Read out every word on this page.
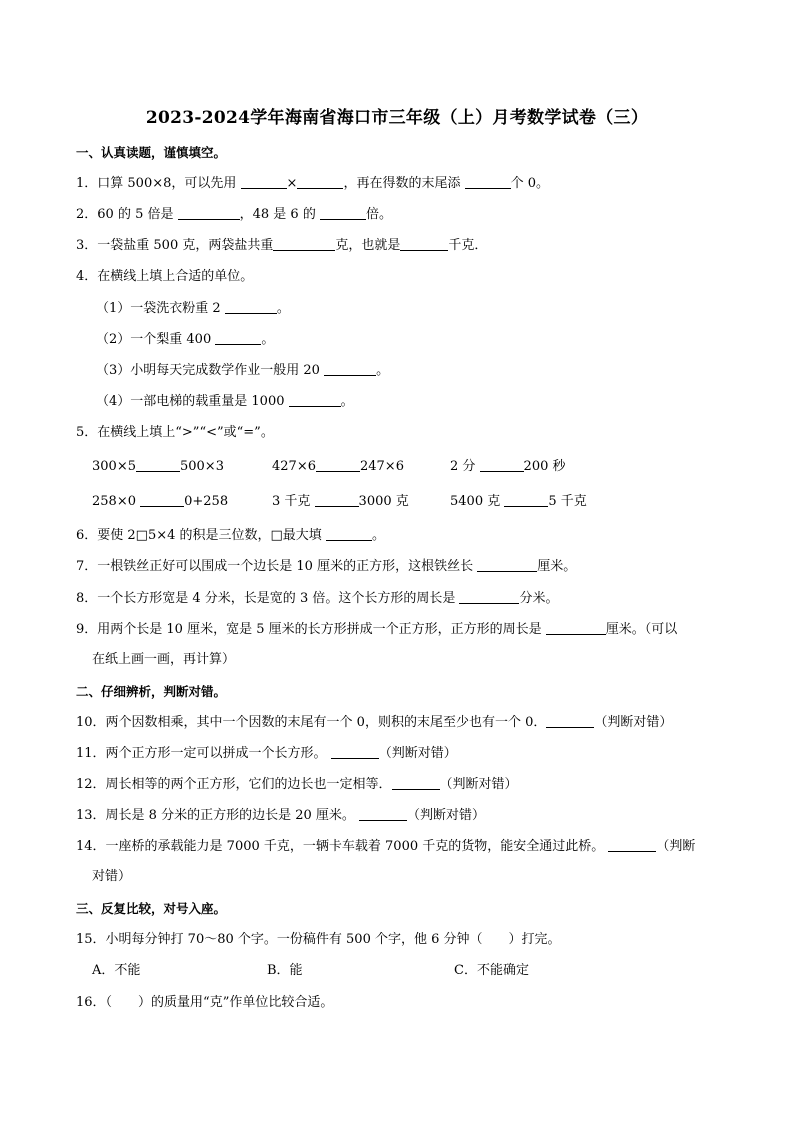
2023-2024学年海南省海口市三年级（上）月考数学试卷（三）
一、认真读题，谨慎填空。
1．口算 500×8，可以先用	×	，再在得数的末尾添	个 0。
2．60 的 5 倍是	，48 是 6 的	倍。
3．一袋盐重 500 克，两袋盐共重	克，也就是	千克．
4．在横线上填上合适的单位。
（1）一袋洗衣粉重 2	。
（2）一个梨重 400	。
（3）小明每天完成数学作业一般用 20	。
（4）一部电梯的载重量是 1000	。
5．在横线上填上“>”“<”或“=”。
300×5	500×3	427×6	247×6	2 分	200 秒
258×0	0+258	3 千克	3000 克	5400 克	5 千克
6．要使 2□5×4 的积是三位数，□最大填	。
7．一根铁丝正好可以围成一个边长是 10 厘米的正方形，这根铁丝长	厘米。
8．一个长方形宽是 4 分米，长是宽的 3 倍。这个长方形的周长是	分米。
9．用两个长是 10 厘米，宽是 5 厘米的长方形拼成一个正方形，正方形的周长是	厘米。（可以
在纸上画一画，再计算）
二、仔细辨析，判断对错。
10．两个因数相乘，其中一个因数的末尾有一个 0，则积的末尾至少也有一个 0．	（判断对错）
11．两个正方形一定可以拼成一个长方形。	（判断对错）
12．周长相等的两个正方形，它们的边长也一定相等．	（判断对错）
13．周长是 8 分米的正方形的边长是 20 厘米。	（判断对错）
14．一座桥的承载能力是 7000 千克，一辆卡车载着 7000 千克的货物，能安全通过此桥。	（判断
对错）
三、反复比较，对号入座。
15．小明每分钟打 70～80 个字。一份稿件有 500 个字，他 6 分钟（　　）打完。
A．不能	B．能	C．不能确定
16．（　　）的质量用“克”作单位比较合适。
